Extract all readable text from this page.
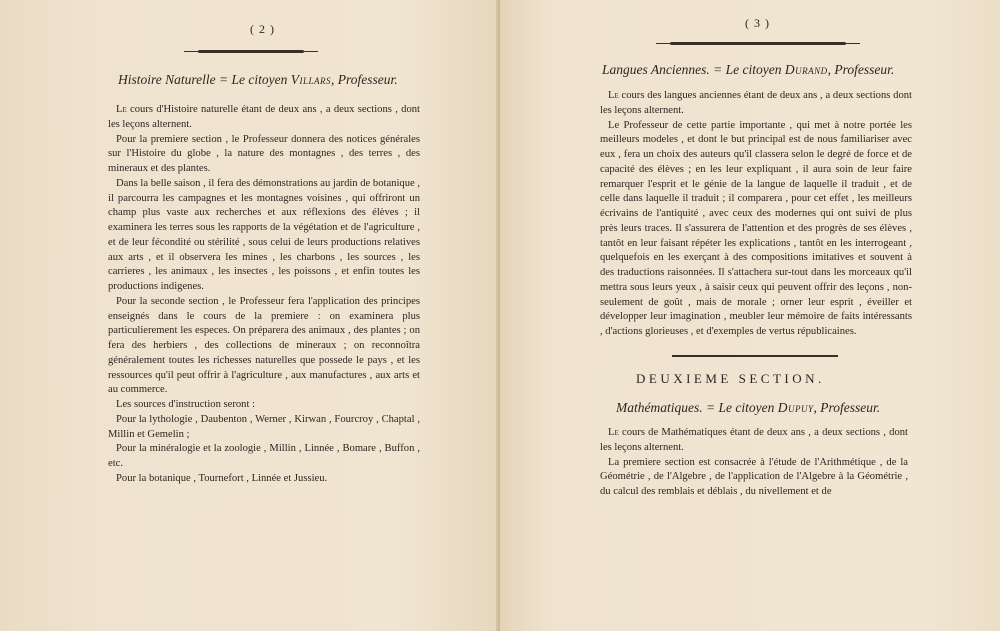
( 2 )
Histoire Naturelle = Le citoyen Villars, Professeur.

Le cours d'Histoire naturelle étant de deux ans , a deux sections , dont les leçons alternent.

Pour la premiere section , le Professeur donnera des notices générales sur l'Histoire du globe , la nature des montagnes , des terres , des mineraux et des plantes.

Dans la belle saison , il fera des démonstrations au jardin de botanique , il parcourra les campagnes et les montagnes voisines , qui offriront un champ plus vaste aux recherches et aux réflexions des élèves ; il examinera les terres sous les rapports de la végétation et de l'agriculture , et de leur fécondité ou stérilité , sous celui de leurs productions relatives aux arts , et il observera les mines , les charbons , les sources , les carrieres , les animaux , les insectes , les poissons , et enfin toutes les productions indigenes.

Pour la seconde section , le Professeur fera l'application des principes enseignés dans le cours de la premiere : on examinera plus particulierement les especes. On préparera des animaux , des plantes ; on fera des herbiers , des collections de mineraux ; on reconnoîtra généralement toutes les richesses naturelles que possede le pays , et les ressources qu'il peut offrir à l'agriculture , aux manufactures , aux arts et au commerce.

Les sources d'instruction seront :

Pour la lythologie , Daubenton , Werner , Kirwan , Fourcroy , Chaptal , Millin et Gemelin ;

Pour la minéralogie et la zoologie , Millin , Linnée , Bomare , Buffon , etc.

Pour la botanique , Tournefort , Linnée et Jussieu.

( 3 )
Langues Anciennes. = Le citoyen Durand, Professeur.

Le cours des langues anciennes étant de deux ans , a deux sections dont les leçons alternent.

Le Professeur de cette partie importante , qui met à notre portée les meilleurs modeles , et dont le but principal est de nous familiariser avec eux , fera un choix des auteurs qu'il classera selon le degré de force et de capacité des élèves ; en les leur expliquant , il aura soin de leur faire remarquer l'esprit et le génie de la langue de laquelle il traduit , et de celle dans laquelle il traduit ; il comparera , pour cet effet , les meilleurs écrivains de l'antiquité , avec ceux des modernes qui ont suivi de plus près leurs traces. Il s'assurera de l'attention et des progrès de ses élèves , tantôt en leur faisant répéter les explications , tantôt en les interrogeant , quelquefois en les exerçant à des compositions imitatives et souvent à des traductions raisonnées. Il s'attachera sur-tout dans les morceaux qu'il mettra sous leurs yeux , à saisir ceux qui peuvent offrir des leçons , non-seulement de goût , mais de morale ; orner leur esprit , éveiller et développer leur imagination , meubler leur mémoire de faits intéressants , d'actions glorieuses , et d'exemples de vertus républicaines.

DEUXIEME SECTION.
Mathématiques. = Le citoyen Dupuy, Professeur.

Le cours de Mathématiques étant de deux ans , a deux sections , dont les leçons alternent.

La premiere section est consacrée à l'étude de l'Arithmétique , de la Géométrie , de l'Algebre , de l'application de l'Algebre à la Géométrie , du calcul des remblais et déblais , du nivellement et de
